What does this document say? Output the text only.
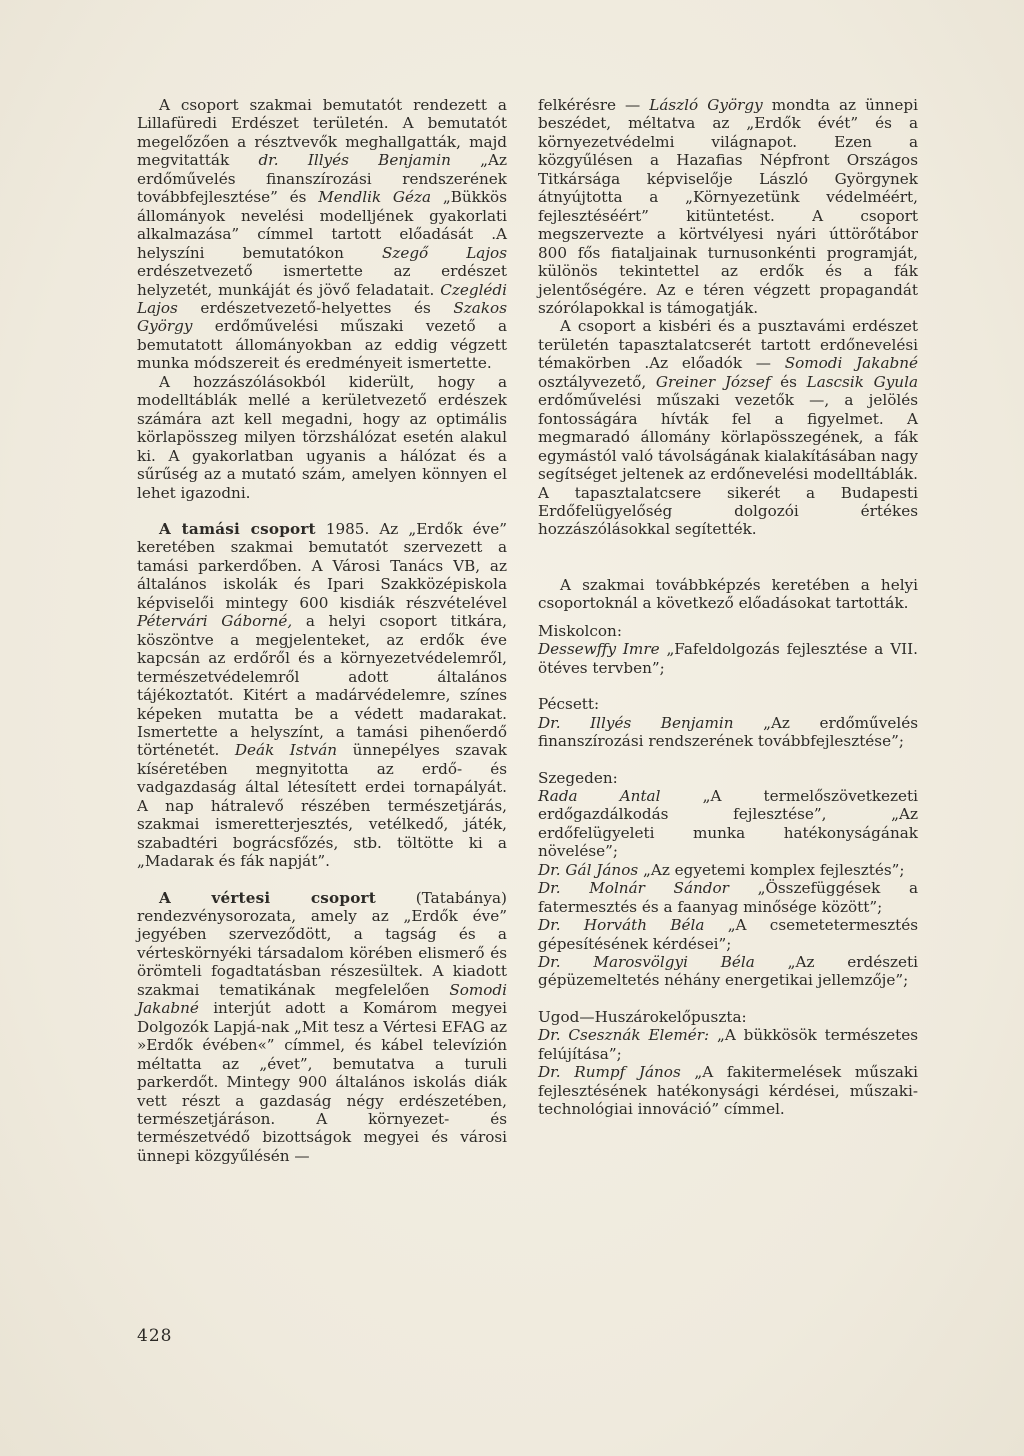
A csoport szakmai bemutatót rendezett a Lillafüredi Erdészet területén. A bemutatót megelőzően a résztvevők meghallgatták, majd megvitatták dr. Illyés Benjamin „Az erdőművelés finanszírozási rendszerének továbbfejlesztése” és Mendlik Géza „Bükkös állományok nevelési modelljének gyakorlati alkalmazása” címmel tartott előadását .A helyszíni bemutatókon Szegő Lajos erdészetvezető ismertette az erdészet helyzetét, munkáját és jövő feladatait. Czeglédi Lajos erdészetvezető-helyettes és Szakos György erdőművelési műszaki vezető a bemutatott állományokban az eddig végzett munka módszereit és eredményeit ismertette.

A hozzászólásokból kiderült, hogy a modelltáblák mellé a kerületvezető erdészek számára azt kell megadni, hogy az optimális körlapösszeg milyen törzshálózat esetén alakul ki. A gyakorlatban ugyanis a hálózat és a sűrűség az a mutató szám, amelyen könnyen el lehet igazodni.

A tamási csoport 1985. Az „Erdők éve” keretében szakmai bemutatót szervezett a tamási parkerdőben. A Városi Tanács VB, az általános iskolák és Ipari Szakközépiskola képviselői mintegy 600 kisdiák részvételével Pétervári Gáborné, a helyi csoport titkára, köszöntve a megjelenteket, az erdők éve kapcsán az erdőről és a környezetvédelemről, természetvédelemről adott általános tájékoztatót. Kitért a madárvédelemre, színes képeken mutatta be a védett madarakat. Ismertette a helyszínt, a tamási pihenőerdő történetét. Deák István ünnepélyes szavak kíséretében megnyitotta az erdő- és vadgazdaság által létesített erdei tornapályát. A nap hátralevő részében természetjárás, szakmai ismeretterjesztés, vetélkedő, játék, szabadtéri bográcsfőzés, stb. töltötte ki a „Madarak és fák napját”.

A vértesi csoport (Tatabánya) rendezvénysorozata, amely az „Erdők éve” jegyében szerveződött, a tagság és a vérteskörnyéki társadalom körében elismerő és örömteli fogadtatásban részesültek. A kiadott szakmai tematikának megfelelően Somodi Jakabné interjút adott a Komárom megyei Dolgozók Lapjá-nak „Mit tesz a Vértesi EFAG az »Erdők évében«” címmel, és kábel televízión méltatta az „évet”, bemutatva a turuli parkerdőt. Mintegy 900 általános iskolás diák vett részt a gazdaság négy erdészetében, természetjáráson. A környezet- és természetvédő bizottságok megyei és városi ünnepi közgyűlésén —

felkérésre — László György mondta az ünnepi beszédet, méltatva az „Erdők évét” és a környezetvédelmi világnapot. Ezen a közgyűlésen a Hazafias Népfront Országos Titkársága képviselője László Györgynek átnyújtotta a „Környezetünk védelméért, fejlesztéséért” kitüntetést. A csoport megszervezte a körtvélyesi nyári úttörőtábor 800 fős fiataljainak turnusonkénti programját, különös tekintettel az erdők és a fák jelentőségére. Az e téren végzett propagandát szórólapokkal is támogatják.

A csoport a kisbéri és a pusztavámi erdészet területén tapasztalatcserét tartott erdőnevelési témakörben .Az előadók — Somodi Jakabné osztályvezető, Greiner József és Lascsik Gyula erdőművelési műszaki vezetők —, a jelölés fontosságára hívták fel a figyelmet. A megmaradó állomány körlapösszegének, a fák egymástól való távolságának kialakításában nagy segítséget jeltenek az erdőnevelési modelltáblák. A tapasztalatcsere sikerét a Budapesti Erdőfelügyelőség dolgozói értékes hozzászólásokkal segítették.

A szakmai továbbképzés keretében a helyi csoportoknál a következő előadásokat tartották.

Miskolcon:

Dessewffy Imre „Fafeldolgozás fejlesztése a VII. ötéves tervben”;

Pécsett:

Dr. Illyés Benjamin „Az erdőművelés finanszírozási rendszerének továbbfejlesztése”;

Szegeden:

Rada Antal „A termelőszövetkezeti erdőgazdálkodás fejlesztése”, „Az erdőfelügyeleti munka hatékonyságának növelése”;

Dr. Gál János „Az egyetemi komplex fejlesztés”;

Dr. Molnár Sándor „Összefüggések a fatermesztés és a faanyag minősége között”;

Dr. Horváth Béla „A csemetetermesztés gépesítésének kérdései”;

Dr. Marosvölgyi Béla „Az erdészeti gépüzemeltetés néhány energetikai jellemzője”;

Ugod—Huszárokelőpuszta:

Dr. Csesznák Elemér: „A bükkösök természetes felújítása”;

Dr. Rumpf János „A fakitermelések műszaki fejlesztésének hatékonysági kérdései, műszaki-technológiai innováció” címmel.

428
